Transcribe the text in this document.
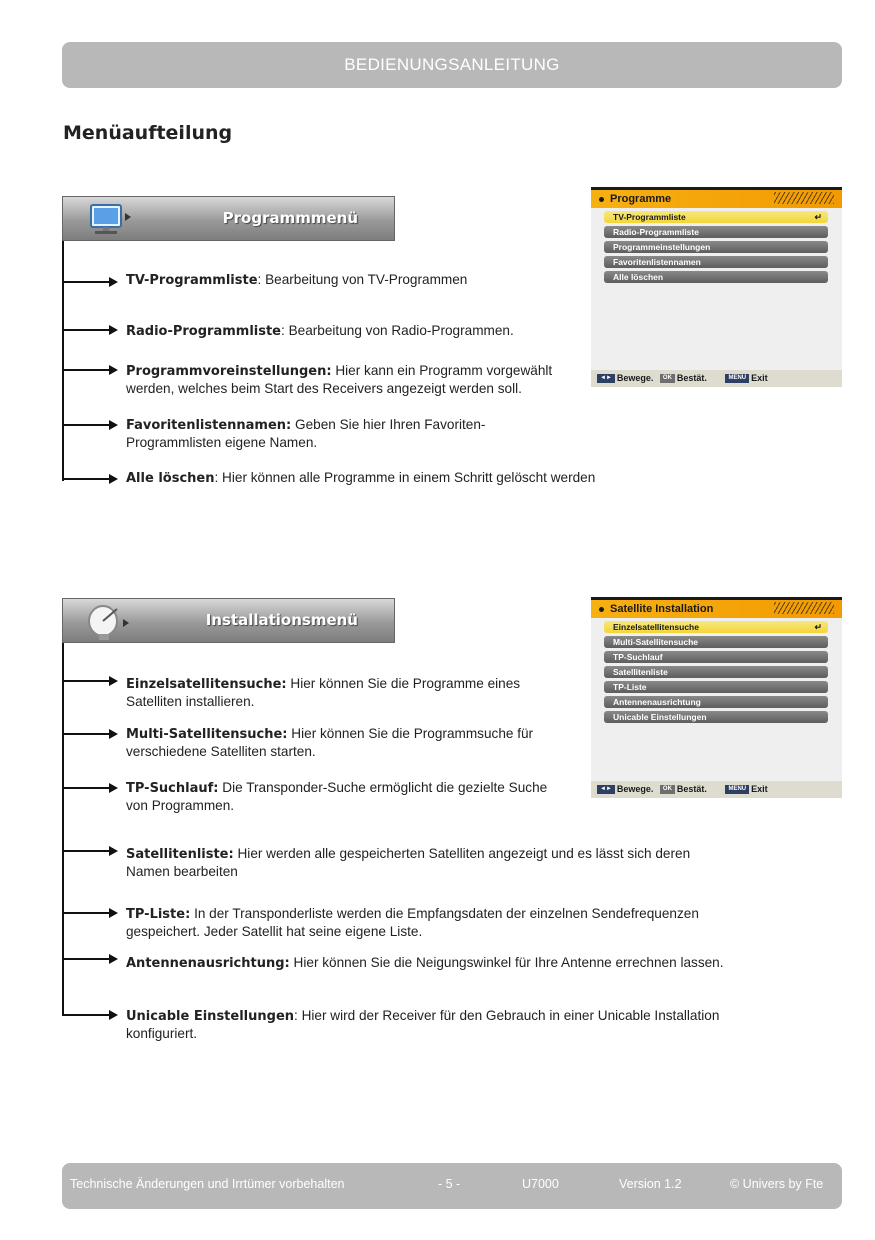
BEDIENUNGSANLEITUNG
Menüaufteilung
Programmmenü
TV-Programmliste: Bearbeitung von TV-Programmen
Radio-Programmliste: Bearbeitung von Radio-Programmen.
Programmvoreinstellungen: Hier kann ein Programm vorgewählt
werden, welches beim Start des Receivers angezeigt werden soll.
Favoritenlistennamen: Geben Sie hier Ihren Favoriten-
Programmlisten eigene Namen.
Alle löschen: Hier können alle Programme in einem Schritt gelöscht werden
Programme
TV-Programmliste	↵
Radio-Programmliste
Programmeinstellungen
Favoritenlistennamen
Alle löschen
◄► Bewege. OK Bestät.	MENU Exit
Installationsmenü
Einzelsatellitensuche: Hier können Sie die Programme eines
Satelliten installieren.
Multi-Satellitensuche: Hier können Sie die Programmsuche für
verschiedene Satelliten starten.
TP-Suchlauf: Die Transponder-Suche ermöglicht die gezielte Suche
von Programmen.
Satellitenliste: Hier werden alle gespeicherten Satelliten angezeigt und es lässt sich deren
Namen bearbeiten
TP-Liste: In der Transponderliste werden die Empfangsdaten der einzelnen Sendefrequenzen
gespeichert. Jeder Satellit hat seine eigene Liste.
Antennenausrichtung: Hier können Sie die Neigungswinkel für Ihre Antenne errechnen lassen.
Unicable Einstellungen: Hier wird der Receiver für den Gebrauch in einer Unicable Installation
konfiguriert.
Satellite Installation
Einzelsatellitensuche	↵
Multi-Satellitensuche
TP-Suchlauf
Satellitenliste
TP-Liste
Antennenausrichtung
Unicable Einstellungen
◄► Bewege. OK Bestät.	MENU Exit
Technische Änderungen und Irrtümer vorbehalten	- 5 -	U7000	Version 1.2	© Univers by Fte
